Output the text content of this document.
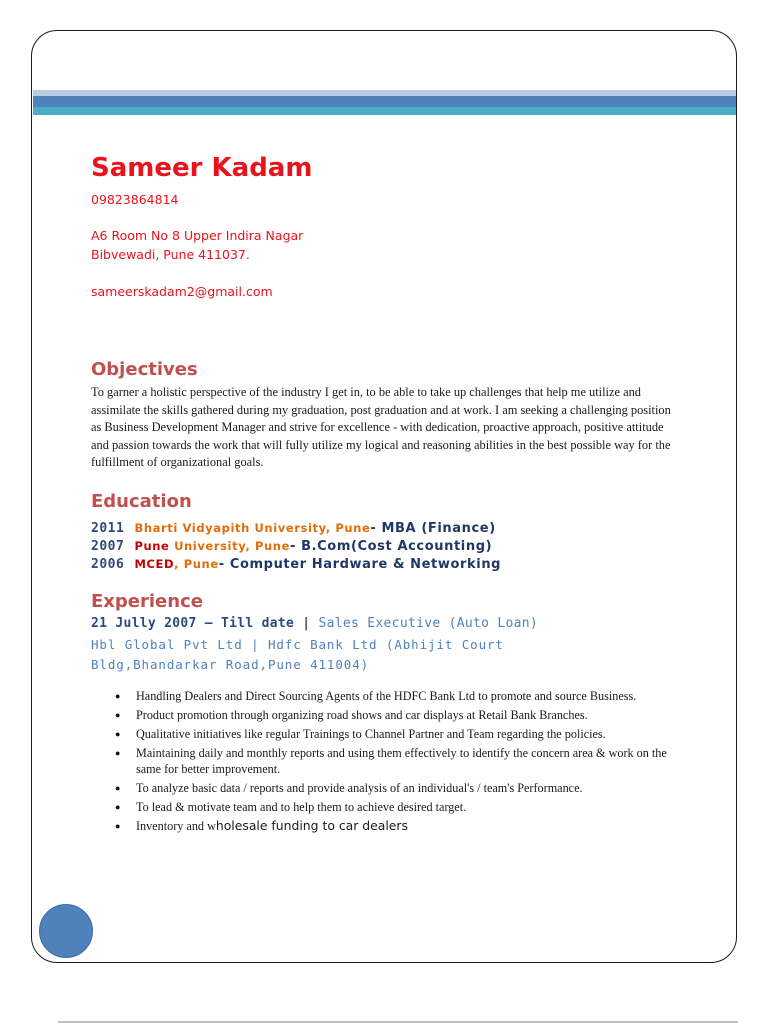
Sameer Kadam
09823864814
A6 Room No 8 Upper Indira Nagar
Bibvewadi, Pune 411037.
sameerskadam2@gmail.com
Objectives

To garner a holistic perspective of the industry I get in, to be able to take up challenges that help me utilize and assimilate the skills gathered during my graduation, post graduation and at work. I am seeking a challenging position as Business Development Manager and strive for excellence - with dedication, proactive approach, positive attitude and passion towards the work that will fully utilize my logical and reasoning abilities in the best possible way for the fulfillment of organizational goals.

Education
2011 Bharti Vidyapith University, Pune- MBA (Finance)
2007 Pune University, Pune- B.Com(Cost Accounting)
2006 MCED, Pune- Computer Hardware & Networking
Experience
21 Jully 2007 – Till date | Sales Executive (Auto Loan)

Hbl Global Pvt Ltd | Hdfc Bank Ltd (Abhijit Court Bldg,Bhandarkar Road,Pune 411004)

● Handling Dealers and Direct Sourcing Agents of the HDFC Bank Ltd to promote and source Business.
● Product promotion through organizing road shows and car displays at Retail Bank Branches.
● Qualitative initiatives like regular Trainings to Channel Partner and Team regarding the policies.
● Maintaining daily and monthly reports and using them effectively to identify the concern area & work on the same for better improvement.
● To analyze basic data / reports and provide analysis of an individual's / team's Performance.
● To lead & motivate team and to help them to achieve desired target.
● Inventory and wholesale funding to car dealers
